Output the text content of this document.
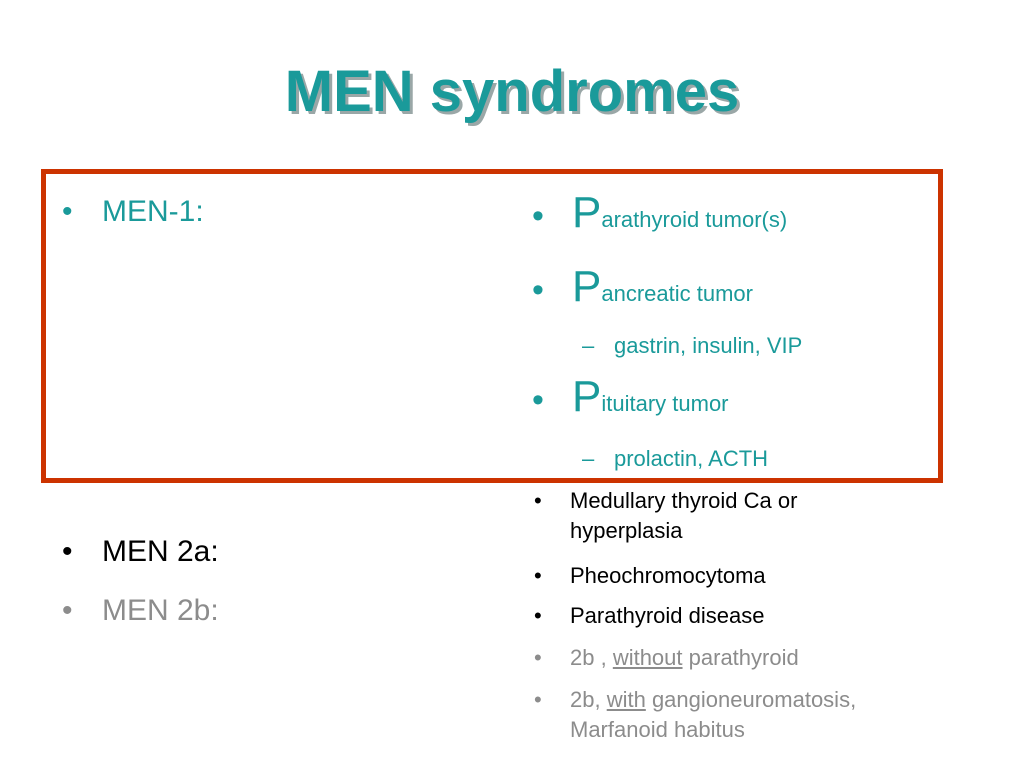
MEN syndromes
• MEN-1:
• MEN 2a:
• MEN 2b:
• Parathyroid tumor(s)
• Pancreatic tumor
– gastrin, insulin, VIP
• Pituitary tumor
– prolactin, ACTH
• Medullary thyroid Ca or hyperplasia
• Pheochromocytoma
• Parathyroid disease
• 2b , without parathyroid
• 2b, with gangioneuromatosis, Marfanoid habitus
